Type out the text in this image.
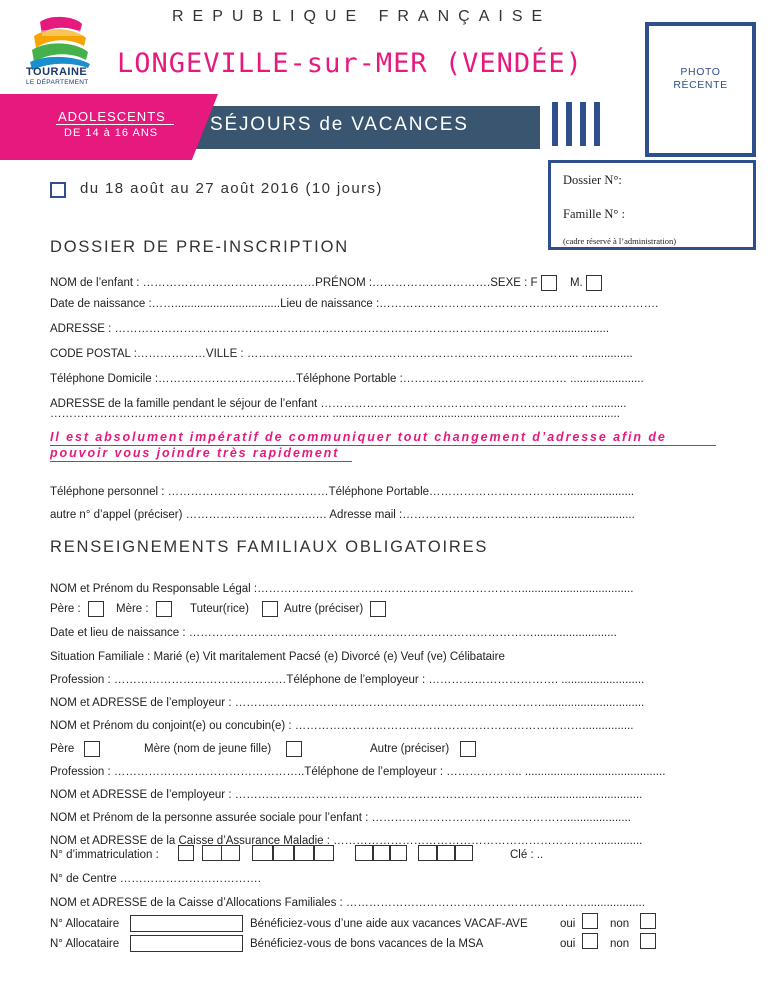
REPUBLIQUE FRANÇAISE
TOURAINE
LE DÉPARTEMENT
LONGEVILLE-sur-MER (VENDÉE)	PHOTO
RÉCENTE
ADOLESCENTS
DE 14 à 16 ANS	SÉJOURS de VACANCES
Dossier N°:
Famille N° :
(cadre réservé à l’administration)
du 18 août au 27 août 2016 (10 jours)
DOSSIER DE PRE-INSCRIPTION
NOM de l’enfant : ………………………………………PRÉNOM :………………………….SEXE : F	M.
Date de naissance :…….................................Lieu de naissance :……………………………………………………………….
ADRESSE : ……………………………………………………………………………………………………..................
CODE POSTAL :………………VILLE : …………………………………………………………………………... ................
Téléphone Domicile :………………………………Téléphone Portable :……………………………….…… .......................
ADRESSE de la famille pendant le séjour de l’enfant ……………………………………………………………. ...........
………………………………………………………………. ..........................................................................................
Il est absolument impératif de communiquer tout changement d’adresse afin de pouvoir vous joindre très rapidement
Téléphone personnel : ……………………………………Téléphone Portable……………………………….....................
autre n° d’appel (préciser) …………………………….… Adresse mail :…………………………………..........................
RENSEIGNEMENTS FAMILIAUX OBLIGATOIRES
NOM et Prénom du Responsable Légal :……………………………………………………………...................................
Père :	Mère :	Tuteur(rice)	Autre (préciser)
Date et lieu de naissance : ………………………………………………………………………………..........................
Situation Familiale : Marié (e) Vit maritalement Pacsé (e) Divorcé (e) Veuf (ve) Célibataire
Profession : ………………………………………Téléphone de l’employeur : ……………………………. ..........................
NOM et ADRESSE de l’employeur : ………………………………………………………………………...............................
NOM et Prénom du conjoint(e) ou concubin(e) : …………………………………………………………………................
Père	Mère (nom de jeune fille)	Autre (préciser)
Profession : …………………………………………..Téléphone de l’employeur : ……………….. ............................................
NOM et ADRESSE de l’employeur : ……………………………………………………………………..................................
NOM et Prénom de la personne assurée sociale pour l’enfant : ……………………………………………....................
NOM et ADRESSE de la Caisse d’Assurance Maladie : ……………………………………………………………..............
N° d’immatriculation :	Clé : ..
N° de Centre ……………………………….
NOM et ADRESSE de la Caisse d’Allocations Familiales : ………………………………………………………..................
N° Allocataire	Bénéficiez-vous d’une aide aux vacances VACAF-AVE	oui	non
N° Allocataire	Bénéficiez-vous de bons vacances de la MSA	oui	non
